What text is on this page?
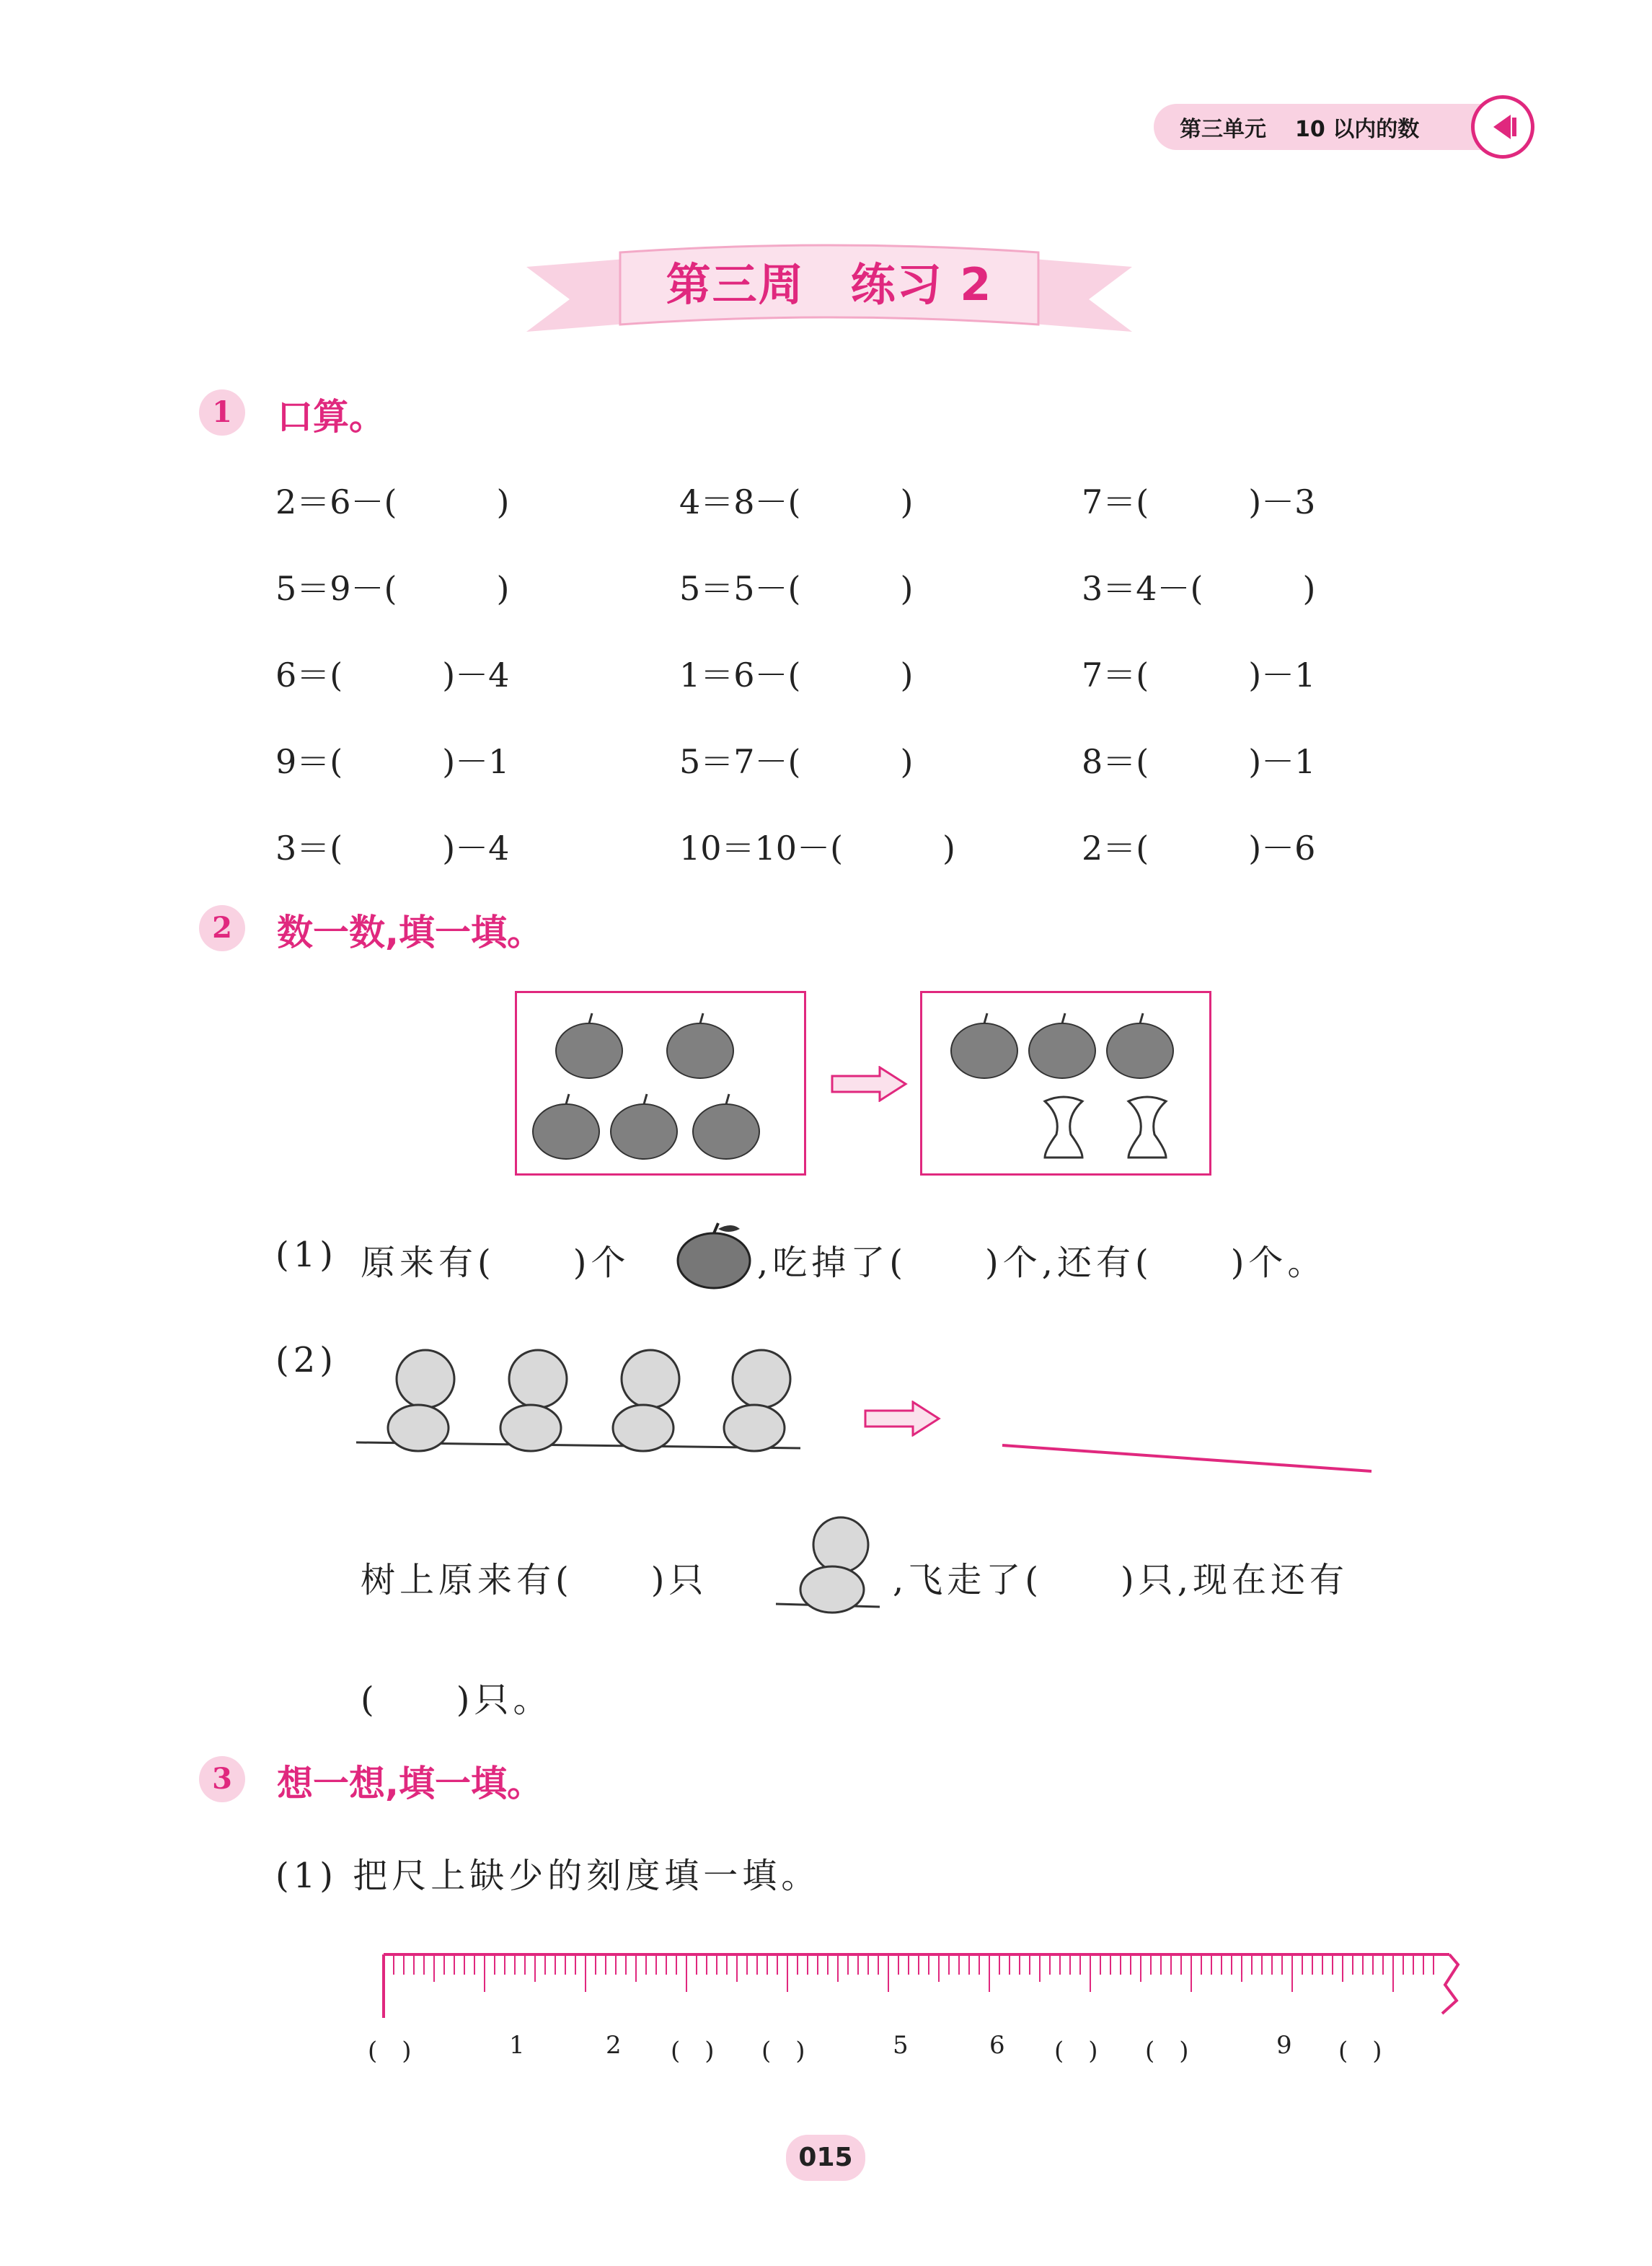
第三单元 10 以内的数
第三周　练习 2
1	口算。
2＝6－(　　　)	4＝8－(　　　)	7＝(　　　)－3
5＝9－(　　　)	5＝5－(　　　)	3＝4－(　　　)
6＝(　　　)－4	1＝6－(　　　)	7＝(　　　)－1
9＝(　　　)－1	5＝7－(　　　)	8＝(　　　)－1
3＝(　　　)－4	10＝10－(　　　)	2＝(　　　)－6
2	数一数,填一填。
(1) 原来有(　　)个	,吃掉了(　　)个,还有(　　)个。
(2)
树上原来有(　　)只	,飞走了(　　)只,现在还有
(　　)只。
3	想一想,填一填。
(1) 把尺上缺少的刻度填一填。
(　)	1	2 (　) (　)	5	6 (　) (　)	9 (　)
015
